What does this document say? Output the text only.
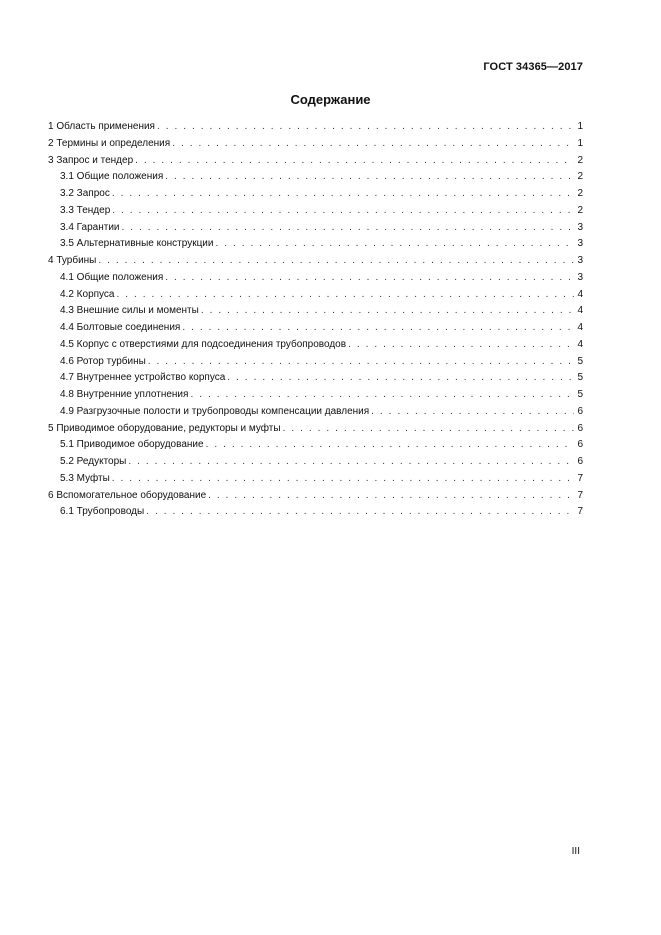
ГОСТ 34365—2017
Содержание
1 Область применения . . .	1
2 Термины и определения . . .	1
3 Запрос и тендер . . .	2
3.1 Общие положения . . .	2
3.2 Запрос . . .	2
3.3 Тендер . . .	2
3.4 Гарантии . . .	3
3.5 Альтернативные конструкции . . .	3
4 Турбины . . .	3
4.1 Общие положения . . .	3
4.2 Корпуса . . .	4
4.3 Внешние силы и моменты . . .	4
4.4 Болтовые соединения . . .	4
4.5 Корпус с отверстиями для подсоединения трубопроводов . . .	4
4.6 Ротор турбины . . .	5
4.7 Внутреннее устройство корпуса . . .	5
4.8 Внутренние уплотнения . . .	5
4.9 Разгрузочные полости и трубопроводы компенсации давления . . .	6
5 Приводимое оборудование, редукторы и муфты . . .	6
5.1 Приводимое оборудование . . .	6
5.2 Редукторы . . .	6
5.3 Муфты . . .	7
6 Вспомогательное оборудование . . .	7
6.1 Трубопроводы . . .	7
III
